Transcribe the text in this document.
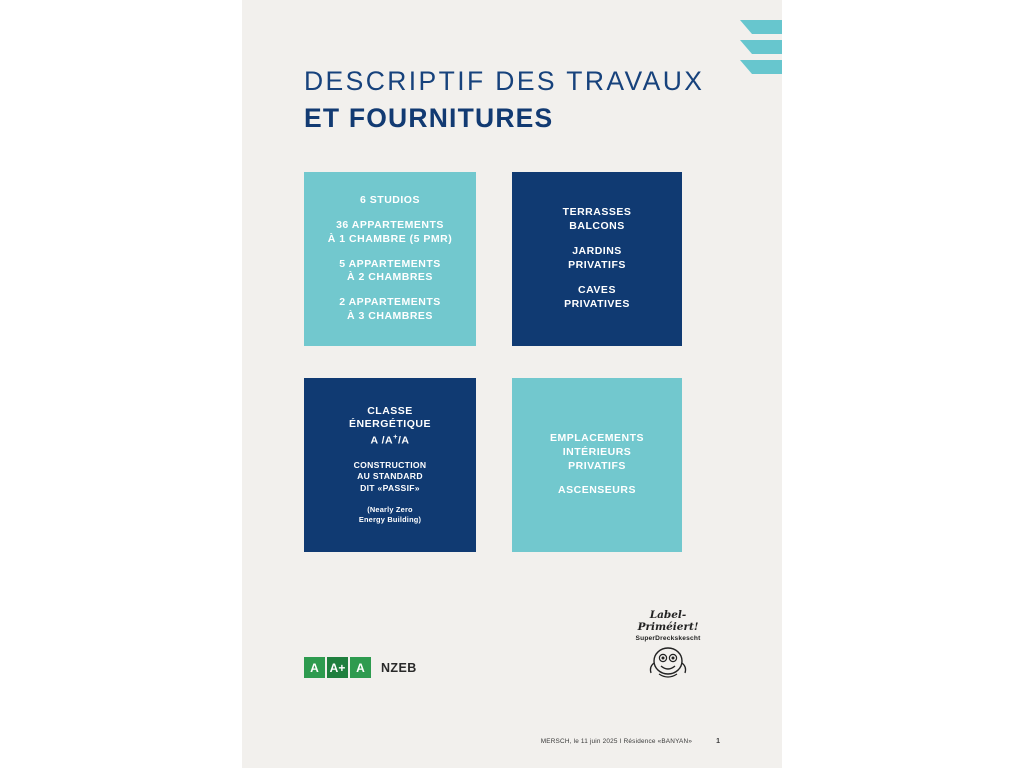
DESCRIPTIF DES TRAVAUX
ET FOURNITURES
6 STUDIOS
36 APPARTEMENTS
À 1 CHAMBRE (5 PMR)
5 APPARTEMENTS
À 2 CHAMBRES
2 APPARTEMENTS
À 3 CHAMBRES
TERRASSES
BALCONS
JARDINS
PRIVATIFS
CAVES
PRIVATIVES
CLASSE
ÉNERGÉTIQUE
A /A+/A
CONSTRUCTION
AU STANDARD
DIT «PASSIF»
(Nearly Zero
Energy Building)
EMPLACEMENTS
INTÉRIEURS
PRIVATIFS
ASCENSEURS
A A+ A	NZEB
Label-
Priméiert!
SuperDreckskescht
MERSCH, le 11 juin 2025 I Résidence «BANYAN»	1
